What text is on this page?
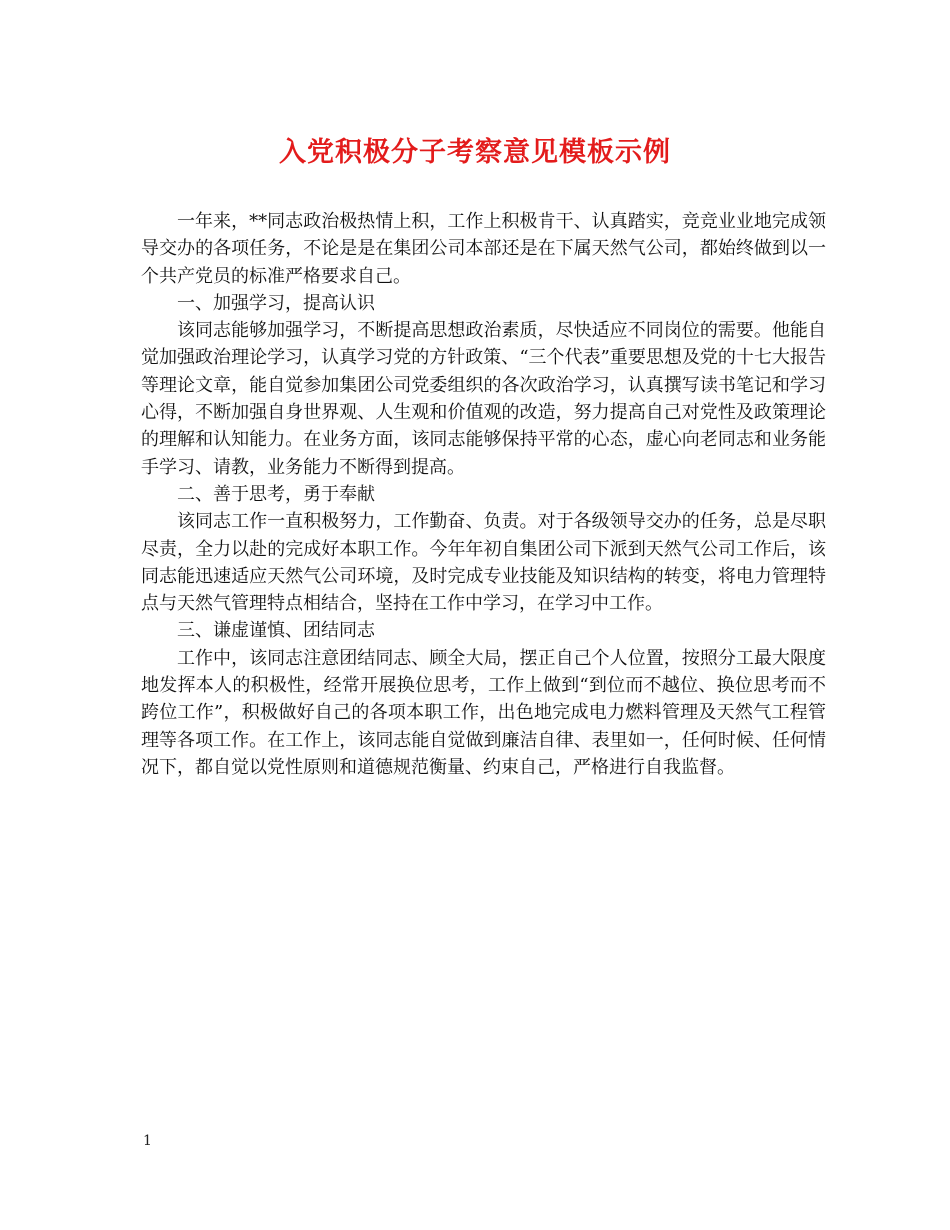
入党积极分子考察意见模板示例

一年来，**同志政治极热情上积，工作上积极肯干、认真踏实，竞竞业业地完成领导交办的各项任务，不论是是在集团公司本部还是在下属天然气公司，都始终做到以一个共产党员的标准严格要求自己。

一、加强学习，提高认识

该同志能够加强学习，不断提高思想政治素质，尽快适应不同岗位的需要。他能自觉加强政治理论学习，认真学习党的方针政策、“三个代表”重要思想及党的十七大报告等理论文章，能自觉参加集团公司党委组织的各次政治学习，认真撰写读书笔记和学习心得，不断加强自身世界观、人生观和价值观的改造，努力提高自己对党性及政策理论的理解和认知能力。在业务方面，该同志能够保持平常的心态，虚心向老同志和业务能手学习、请教，业务能力不断得到提高。

二、善于思考，勇于奉献

该同志工作一直积极努力，工作勤奋、负责。对于各级领导交办的任务，总是尽职尽责，全力以赴的完成好本职工作。今年年初自集团公司下派到天然气公司工作后，该同志能迅速适应天然气公司环境，及时完成专业技能及知识结构的转变，将电力管理特点与天然气管理特点相结合，坚持在工作中学习，在学习中工作。

三、谦虚谨慎、团结同志

工作中，该同志注意团结同志、顾全大局，摆正自己个人位置，按照分工最大限度地发挥本人的积极性，经常开展换位思考，工作上做到“到位而不越位、换位思考而不跨位工作”，积极做好自己的各项本职工作，出色地完成电力燃料管理及天然气工程管理等各项工作。在工作上，该同志能自觉做到廉洁自律、表里如一，任何时候、任何情况下，都自觉以党性原则和道德规范衡量、约束自己，严格进行自我监督。

1
